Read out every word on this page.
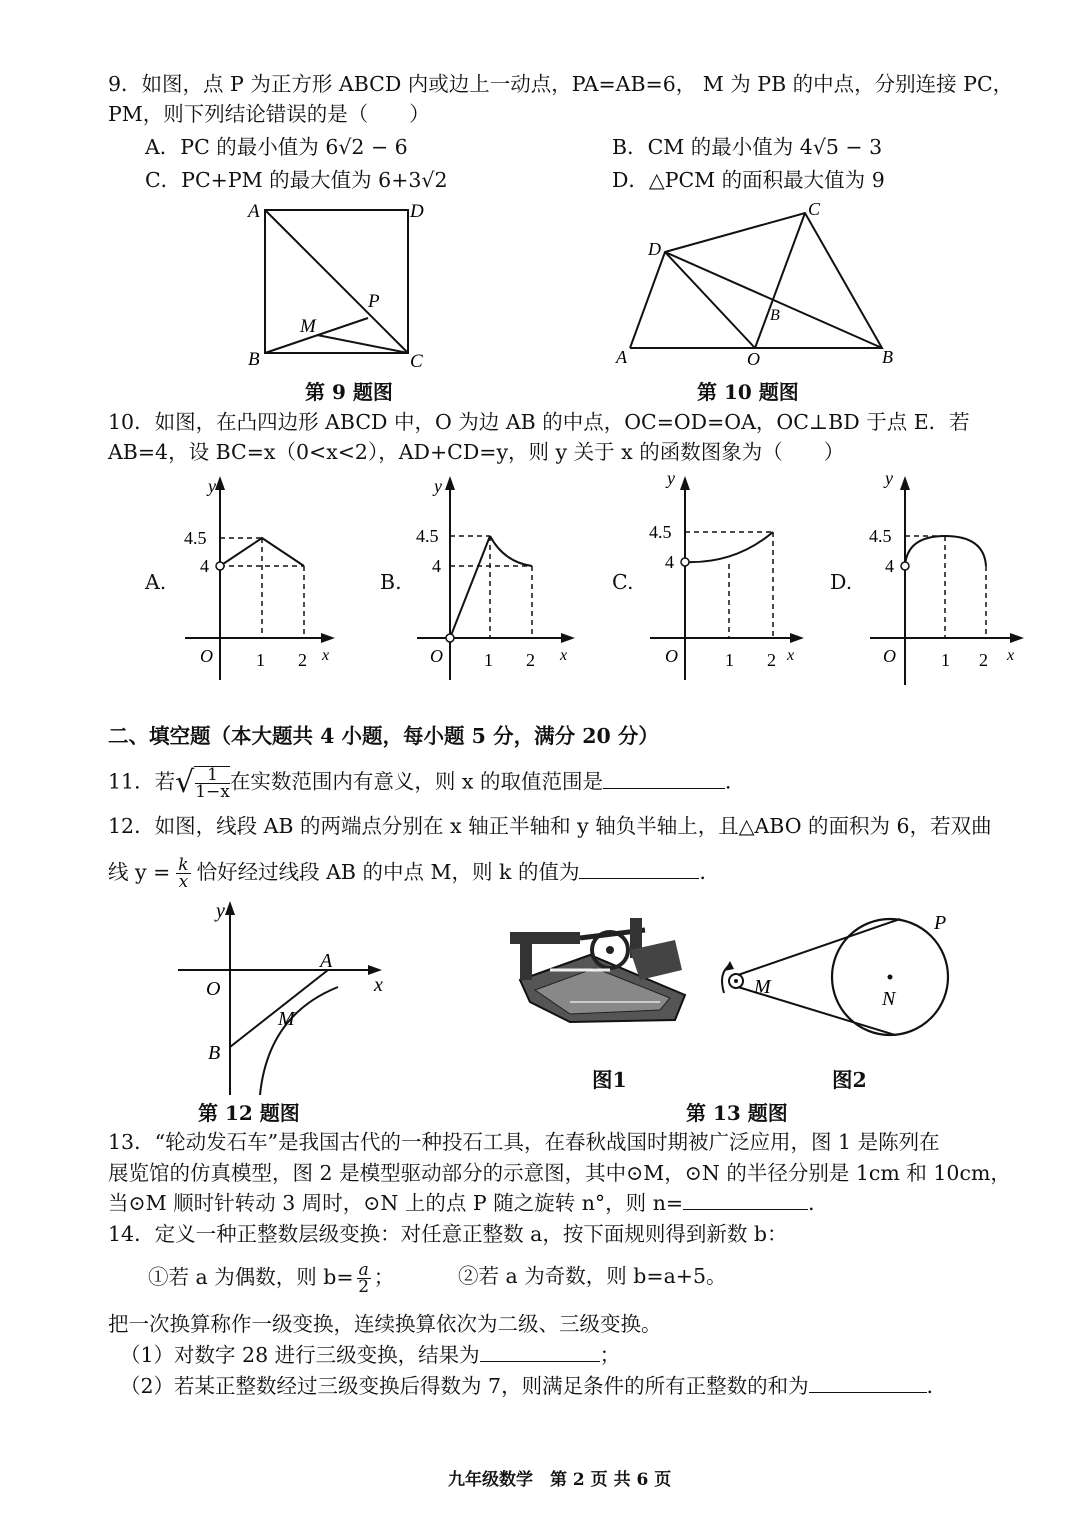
9．如图，点 P 为正方形 ABCD 内或边上一动点，PA=AB=6， M 为 PB 的中点，分别连接 PC，
PM，则下列结论错误的是（　　）
A．PC 的最小值为 6√2 − 6	B．CM 的最小值为 4√5 − 3
C．PC+PM 的最大值为 6+3√2	D．△PCM 的面积最大值为 9
A	D
B	C
M
P
第 9 题图
C
D
B
A	O	B
第 10 题图
10．如图，在凸四边形 ABCD 中，O 为边 AB 的中点，OC=OD=OA，OC⊥BD 于点 E．若
AB=4，设 BC=x（0<x<2），AD+CD=y，则 y 关于 x 的函数图象为（　　）
A.	B.	C.	D.
y
4.5
4
O 1 2 x
y
4.5
4
O 1 2 x
y
4.5
4
O	1 2 x
y
4.5
4
O	1 2 x
二、填空题（本大题共 4 小题，每小题 5 分，满分 20 分）
11．若√ $\frac{1}{1-x}$ 在实数范围内有意义，则 x 的取值范围是	．
12．如图，线段 AB 的两端点分别在 x 轴正半轴和 y 轴负半轴上，且△ABO 的面积为 6，若双曲
线 $y = \frac{k}{x}$ 恰好经过线段 AB 的中点 M，则 k 的值为	．
y
x
O
A
M
B
第 12 题图
图1
M
N
P
图2
第 13 题图
13．“轮动发石车”是我国古代的一种投石工具，在春秋战国时期被广泛应用，图 1 是陈列在
展览馆的仿真模型，图 2 是模型驱动部分的示意图，其中⊙M，⊙N 的半径分别是 1cm 和 10cm，
当⊙M 顺时针转动 3 周时，⊙N 上的点 P 随之旋转 n°，则 n=	．
14．定义一种正整数层级变换：对任意正整数 a，按下面规则得到新数 b：
①若 a 为偶数，则 $b= \frac{a}{2}$ ；	②若 a 为奇数，则 b=a+5。
把一次换算称作一级变换，连续换算依次为二级、三级变换。
（1）对数字 28 进行三级变换，结果为	；
（2）若某正整数经过三级变换后得数为 7，则满足条件的所有正整数的和为	．
九年级数学　第 2 页 共 6 页
